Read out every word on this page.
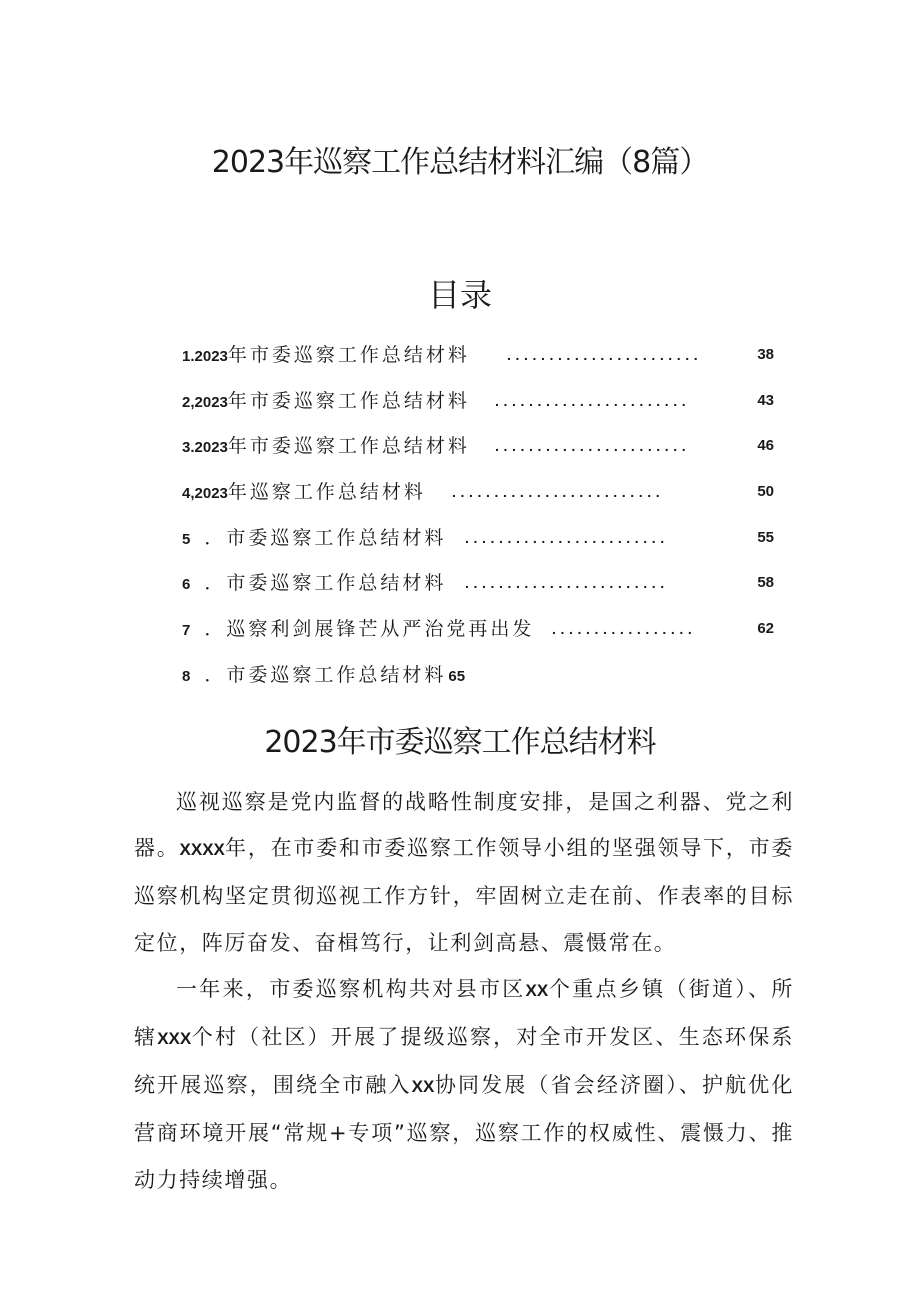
2023年巡察工作总结材料汇编（8篇）
目录
1.2023年市委巡察工作总结材料	.......................	38
2,2023年市委巡察工作总结材料 .......................	43
3.2023年市委巡察工作总结材料 .......................	46
4,2023年巡察工作总结材料 .........................	50
5 ．市委巡察工作总结材料 ........................	55
6 ．市委巡察工作总结材料 ........................	58
7 ．巡察利剑展锋芒从严治党再出发 .................	62
8 ．市委巡察工作总结材料 65
2023年市委巡察工作总结材料

巡视巡察是党内监督的战略性制度安排，是国之利器、党之利器。XXXX年，在市委和市委巡察工作领导小组的坚强领导下，市委巡察机构坚定贯彻巡视工作方针，牢固树立走在前、作表率的目标定位，阵厉奋发、奋楫笃行，让利剑高悬、震慑常在。

一年来，市委巡察机构共对县市区XX个重点乡镇（街道）、所辖XXX个村（社区）开展了提级巡察，对全市开发区、生态环保系统开展巡察，围绕全市融入XX协同发展（省会经济圈）、护航优化营商环境开展“常规+专项”巡察，巡察工作的权威性、震慑力、推动力持续增强。
